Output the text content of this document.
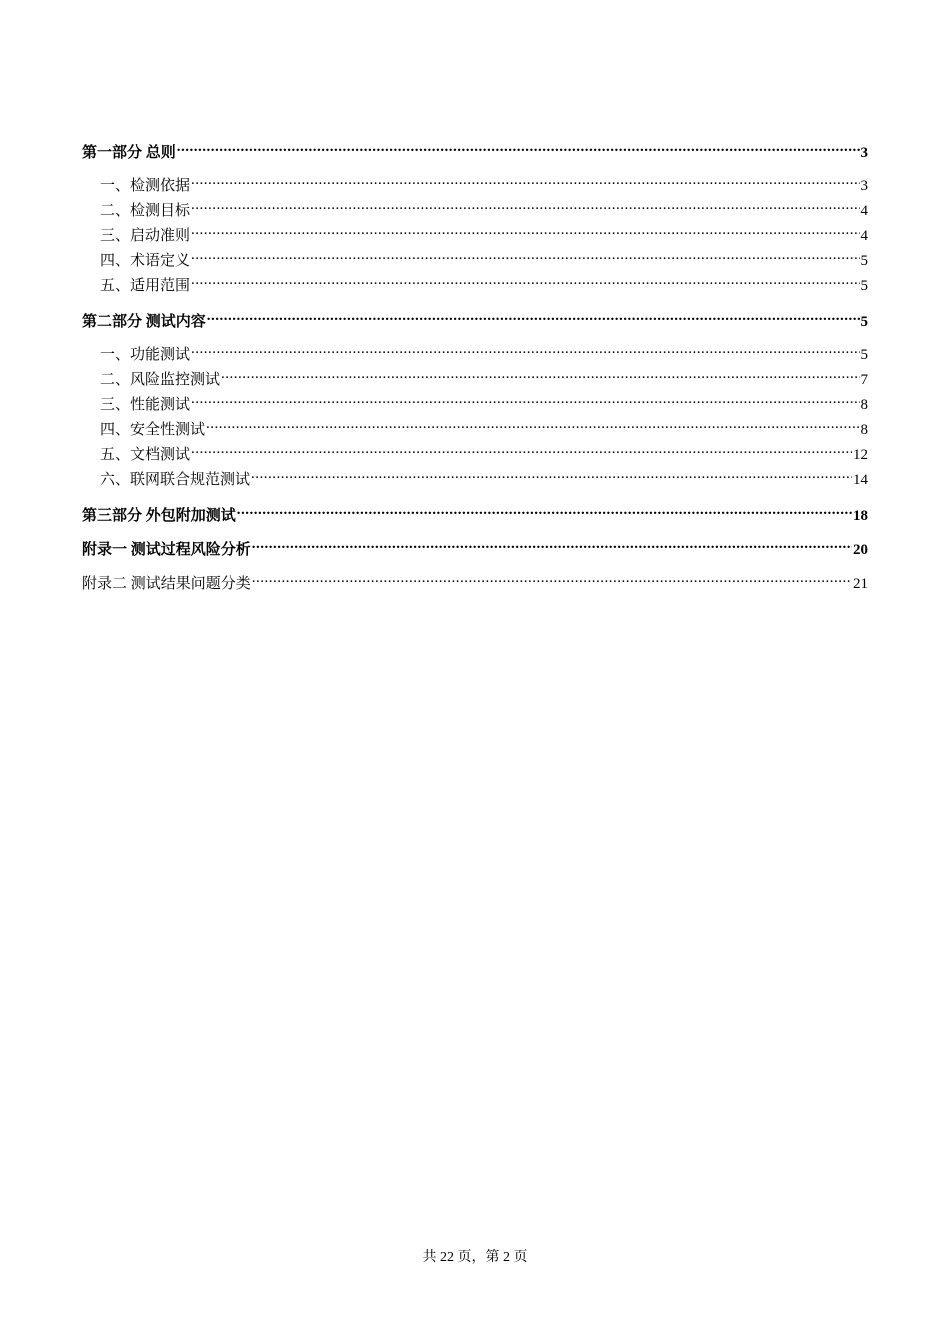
第一部分 总则 .....	3
一、检测依据 .....	3
二、检测目标 .....	4
三、启动准则 .....	4
四、术语定义 .....	5
五、适用范围 .....	5
第二部分 测试内容 .....	5
一、功能测试 .....	5
二、风险监控测试 .....	7
三、性能测试 .....	8
四、安全性测试 .....	8
五、文档测试 .....	12
六、联网联合规范测试 .....	14
第三部分 外包附加测试 .....	18
附录一 测试过程风险分析 .....	20
附录二 测试结果问题分类 .....	21
共 22 页，第 2 页
